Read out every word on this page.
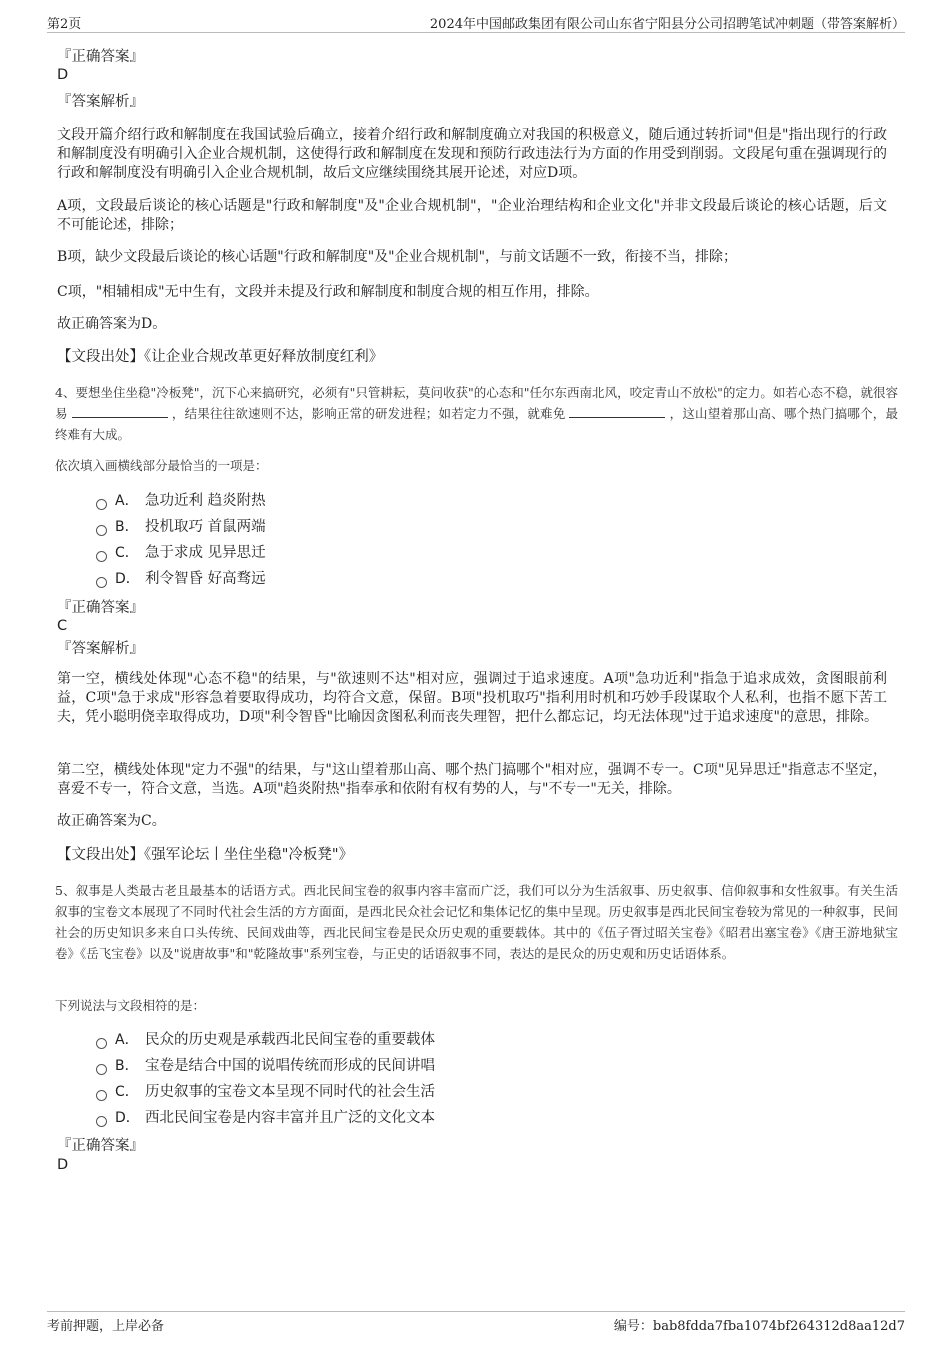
第2页	2024年中国邮政集团有限公司山东省宁阳县分公司招聘笔试冲刺题（带答案解析）
『正确答案』
D
『答案解析』
文段开篇介绍行政和解制度在我国试验后确立，接着介绍行政和解制度确立对我国的积极意义，随后通过转折词"但是"指出现行的行政和解制度没有明确引入企业合规机制，这使得行政和解制度在发现和预防行政违法行为方面的作用受到削弱。文段尾句重在强调现行的行政和解制度没有明确引入企业合规机制，故后文应继续围绕其展开论述，对应D项。
A项，文段最后谈论的核心话题是"行政和解制度"及"企业合规机制"，"企业治理结构和企业文化"并非文段最后谈论的核心话题，后文不可能论述，排除；
B项，缺少文段最后谈论的核心话题"行政和解制度"及"企业合规机制"，与前文话题不一致，衔接不当，排除；
C项，"相辅相成"无中生有，文段并未提及行政和解制度和制度合规的相互作用，排除。
故正确答案为D。
【文段出处】《让企业合规改革更好释放制度红利》
4、要想坐住坐稳"冷板凳"，沉下心来搞研究，必须有"只管耕耘，莫问收获"的心态和"任尔东西南北风，咬定青山不放松"的定力。如若心态不稳，就很容易	，结果往往欲速则不达，影响正常的研发进程；如若定力不强，就难免	，这山望着那山高、哪个热门搞哪个，最终难有大成。
依次填入画横线部分最恰当的一项是：
A． 急功近利 趋炎附热
B． 投机取巧 首鼠两端
C． 急于求成 见异思迁
D． 利令智昏 好高骛远
『正确答案』
C
『答案解析』
第一空，横线处体现"心态不稳"的结果，与"欲速则不达"相对应，强调过于追求速度。A项"急功近利"指急于追求成效，贪图眼前利益，C项"急于求成"形容急着要取得成功，均符合文意，保留。B项"投机取巧"指利用时机和巧妙手段谋取个人私利，也指不愿下苦工夫，凭小聪明侥幸取得成功，D项"利令智昏"比喻因贪图私利而丧失理智，把什么都忘记，均无法体现"过于追求速度"的意思，排除。
第二空，横线处体现"定力不强"的结果，与"这山望着那山高、哪个热门搞哪个"相对应，强调不专一。C项"见异思迁"指意志不坚定，喜爱不专一，符合文意，当选。A项"趋炎附热"指奉承和依附有权有势的人，与"不专一"无关，排除。
故正确答案为C。
【文段出处】《强军论坛丨坐住坐稳"冷板凳"》
5、叙事是人类最古老且最基本的话语方式。西北民间宝卷的叙事内容丰富而广泛，我们可以分为生活叙事、历史叙事、信仰叙事和女性叙事。有关生活叙事的宝卷文本展现了不同时代社会生活的方方面面，是西北民众社会记忆和集体记忆的集中呈现。历史叙事是西北民间宝卷较为常见的一种叙事，民间社会的历史知识多来自口头传统、民间戏曲等，西北民间宝卷是民众历史观的重要载体。其中的《伍子胥过昭关宝卷》《昭君出塞宝卷》《唐王游地狱宝卷》《岳飞宝卷》以及"说唐故事"和"乾隆故事"系列宝卷，与正史的话语叙事不同，表达的是民众的历史观和历史话语体系。
下列说法与文段相符的是：
A． 民众的历史观是承载西北民间宝卷的重要载体
B． 宝卷是结合中国的说唱传统而形成的民间讲唱
C． 历史叙事的宝卷文本呈现不同时代的社会生活
D． 西北民间宝卷是内容丰富并且广泛的文化文本
『正确答案』
D
考前押题，上岸必备	编号：bab8fdda7fba1074bf264312d8aa12d7
